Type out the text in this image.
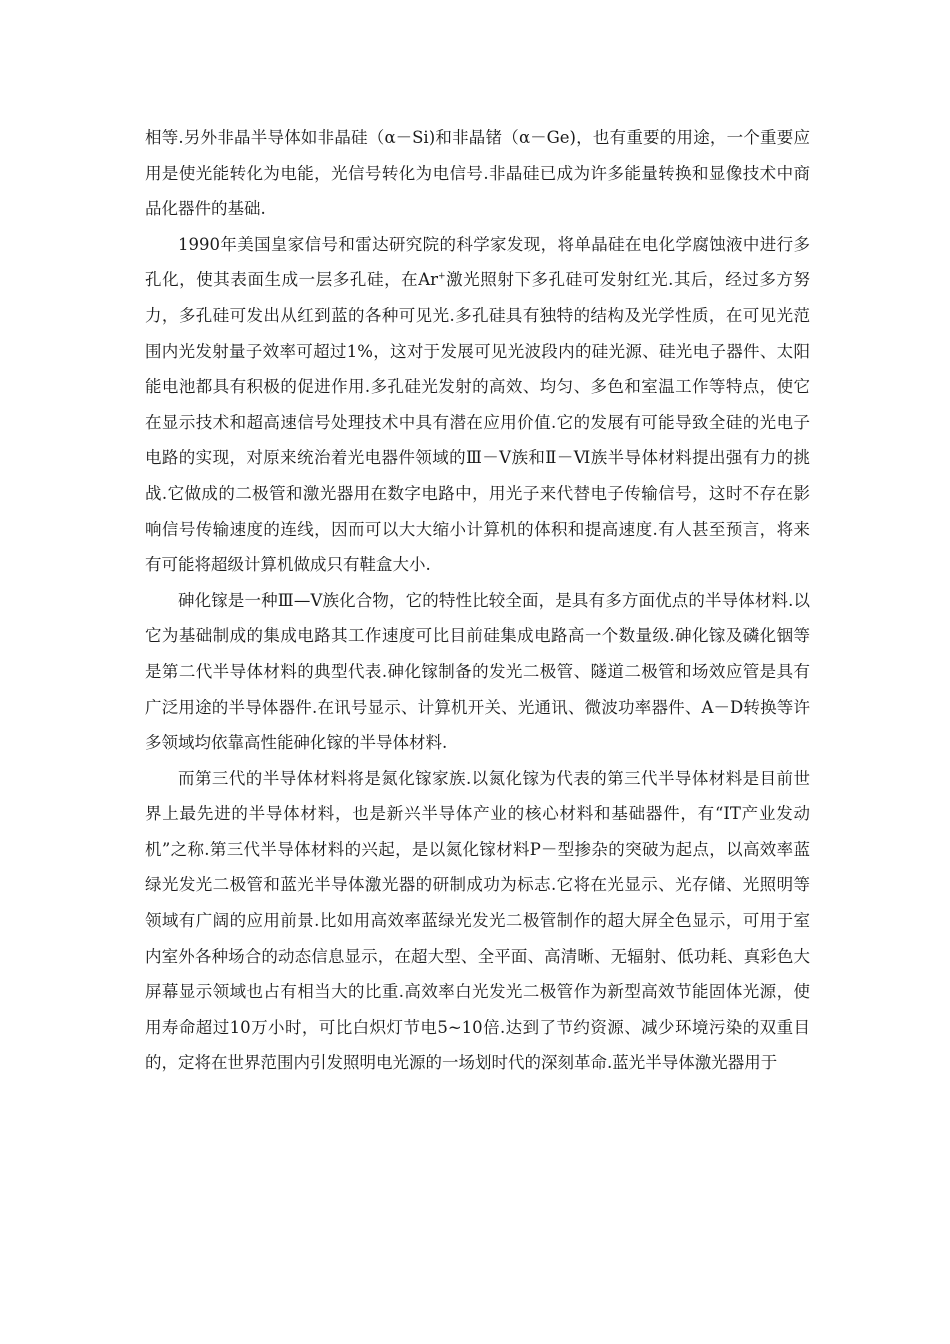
相等.另外非晶半导体如非晶硅（α－Si)和非晶锗（α－Ge)，也有重要的用途，一个重要应用是使光能转化为电能，光信号转化为电信号.非晶硅已成为许多能量转换和显像技术中商品化器件的基础.

1990年美国皇家信号和雷达研究院的科学家发现，将单晶硅在电化学腐蚀液中进行多孔化，使其表面生成一层多孔硅，在Ar+激光照射下多孔硅可发射红光.其后，经过多方努力，多孔硅可发出从红到蓝的各种可见光.多孔硅具有独特的结构及光学性质，在可见光范围内光发射量子效率可超过1%，这对于发展可见光波段内的硅光源、硅光电子器件、太阳能电池都具有积极的促进作用.多孔硅光发射的高效、均匀、多色和室温工作等特点，使它在显示技术和超高速信号处理技术中具有潜在应用价值.它的发展有可能导致全硅的光电子电路的实现，对原来统治着光电器件领域的Ⅲ－Ⅴ族和Ⅱ－Ⅵ族半导体材料提出强有力的挑战.它做成的二极管和激光器用在数字电路中，用光子来代替电子传输信号，这时不存在影响信号传输速度的连线，因而可以大大缩小计算机的体积和提高速度.有人甚至预言，将来有可能将超级计算机做成只有鞋盒大小.

砷化镓是一种Ⅲ—Ⅴ族化合物，它的特性比较全面，是具有多方面优点的半导体材料.以它为基础制成的集成电路其工作速度可比目前硅集成电路高一个数量级.砷化镓及磷化铟等是第二代半导体材料的典型代表.砷化镓制备的发光二极管、隧道二极管和场效应管是具有广泛用途的半导体器件.在讯号显示、计算机开关、光通讯、微波功率器件、A－D转换等许多领域均依靠高性能砷化镓的半导体材料.

而第三代的半导体材料将是氮化镓家族.以氮化镓为代表的第三代半导体材料是目前世界上最先进的半导体材料，也是新兴半导体产业的核心材料和基础器件，有“IT产业发动机”之称.第三代半导体材料的兴起，是以氮化镓材料P－型掺杂的突破为起点，以高效率蓝绿光发光二极管和蓝光半导体激光器的研制成功为标志.它将在光显示、光存储、光照明等领域有广阔的应用前景.比如用高效率蓝绿光发光二极管制作的超大屏全色显示，可用于室内室外各种场合的动态信息显示，在超大型、全平面、高清晰、无辐射、低功耗、真彩色大屏幕显示领域也占有相当大的比重.高效率白光发光二极管作为新型高效节能固体光源，使用寿命超过10万小时，可比白炽灯节电5~10倍.达到了节约资源、减少环境污染的双重目的，定将在世界范围内引发照明电光源的一场划时代的深刻革命.蓝光半导体激光器用于
